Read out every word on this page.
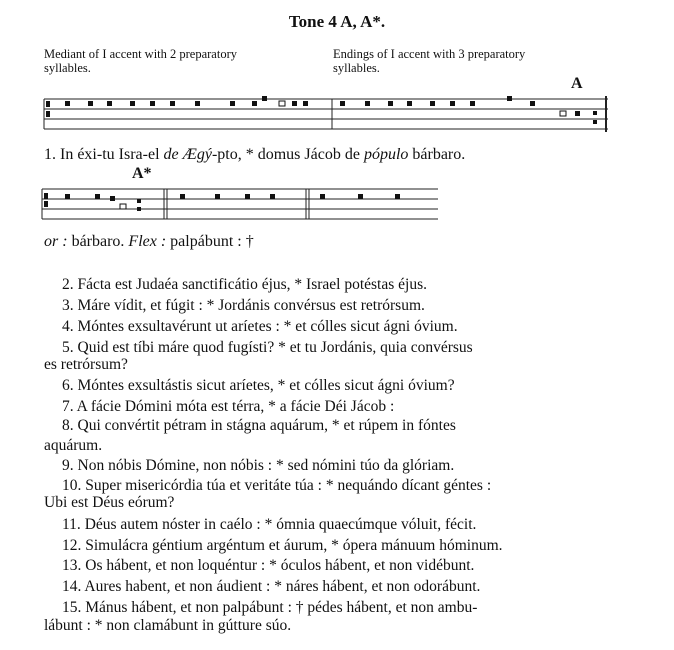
Tone 4 A, A*.
Mediant of I accent with 2 preparatory
syllables.
Endings of I accent with 3 preparatory
syllables.
A
1. In éxi-tu Isra-el de Ægý-pto, * domus Jácob de pópulo bárbaro.
A*
or : bárbaro. Flex : palpábunt : †
2. Fácta est Judaéa sanctificátio éjus, * Israel potéstas éjus.
3. Máre vídit, et fúgit : * Jordánis convérsus est retrórsum.
4. Móntes exsultavérunt ut aríetes : * et cólles sicut ágni óvium.
5. Quid est tíbi máre quod fugísti? * et tu Jordánis, quia convérsus
es retrórsum?
6. Móntes exsultástis sicut aríetes, * et cólles sicut ágni óvium?
7. A fácie Dómini móta est térra, * a fácie Déi Jácob :
8. Qui convértit pétram in stágna aquárum, * et rúpem in fóntes
aquárum.
9. Non nóbis Dómine, non nóbis : * sed nómini túo da glóriam.
10. Super misericórdia túa et veritáte túa : * nequándo dícant géntes :
Ubi est Déus eórum?
11. Déus autem nóster in caélo : * ómnia quaecúmque vóluit, fécit.
12. Simulácra géntium argéntum et áurum, * ópera mánuum hóminum.
13. Os hábent, et non loquéntur : * óculos hábent, et non vidébunt.
14. Aures habent, et non áudient : * náres hábent, et non odorábunt.
15. Mánus hábent, et non palpábunt : † pédes hábent, et non ambu-
lábunt : * non clamábunt in gútture súo.
